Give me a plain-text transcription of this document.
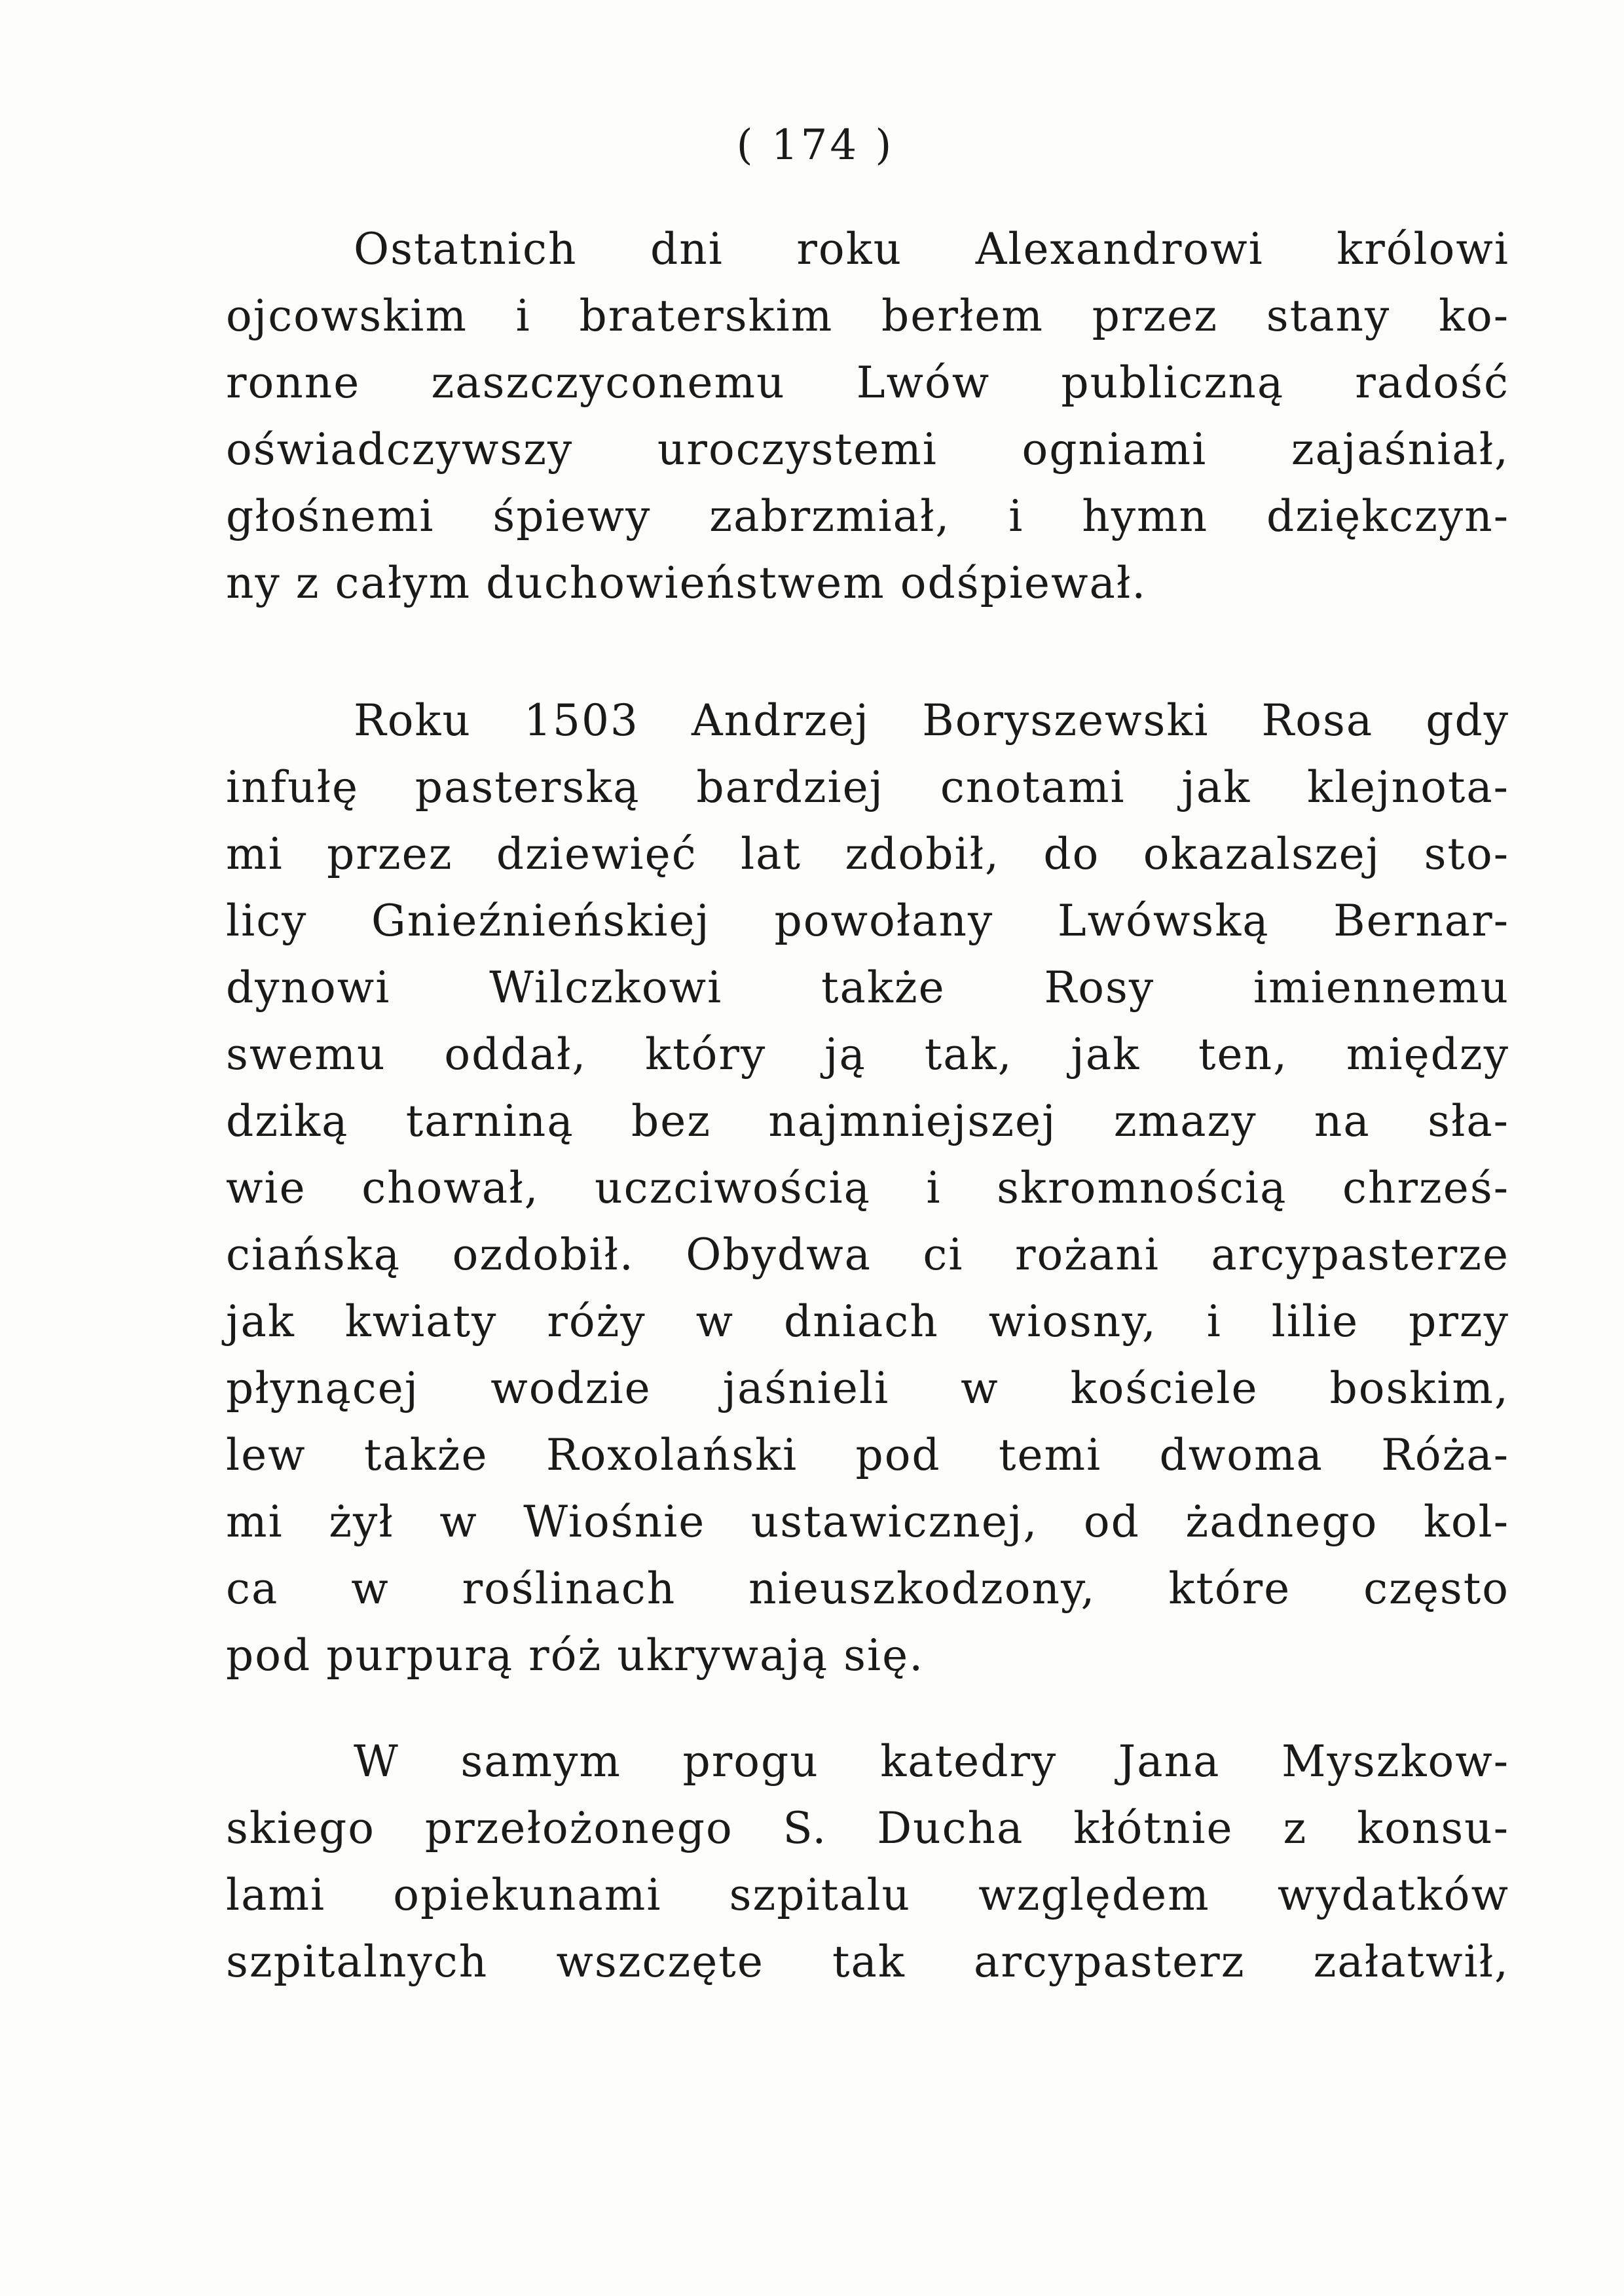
( 174 )
Ostatnich dni roku Alexandrowi królowi
ojcowskim i braterskim berłem przez stany ko-
ronne zaszczyconemu Lwów publiczną radość
oświadczywszy uroczystemi ogniami zajaśniał,
głośnemi śpiewy zabrzmiał, i hymn dziękczyn-
ny z całym duchowieństwem odśpiewał.
Roku 1503 Andrzej Boryszewski Rosa gdy
infułę pasterską bardziej cnotami jak klejnota-
mi przez dziewięć lat zdobił, do okazalszej sto-
licy Gnieźnieńskiej powołany Lwówską Bernar-
dynowi Wilczkowi także Rosy imiennemu
swemu oddał, który ją tak, jak ten, między
dziką tarniną bez najmniejszej zmazy na sła-
wie chował, uczciwością i skromnością chrześ-
ciańską ozdobił. Obydwa ci rożani arcypasterze
jak kwiaty róży w dniach wiosny, i lilie przy
płynącej wodzie jaśnieli w kościele boskim,
lew także Roxolański pod temi dwoma Róża-
mi żył w Wiośnie ustawicznej, od żadnego kol-
ca w roślinach nieuszkodzony, które często
pod purpurą róż ukrywają się.
W samym progu katedry Jana Myszkow-
skiego przełożonego S. Ducha kłótnie z konsu-
lami opiekunami szpitalu względem wydatków
szpitalnych wszczęte tak arcypasterz załatwił,
